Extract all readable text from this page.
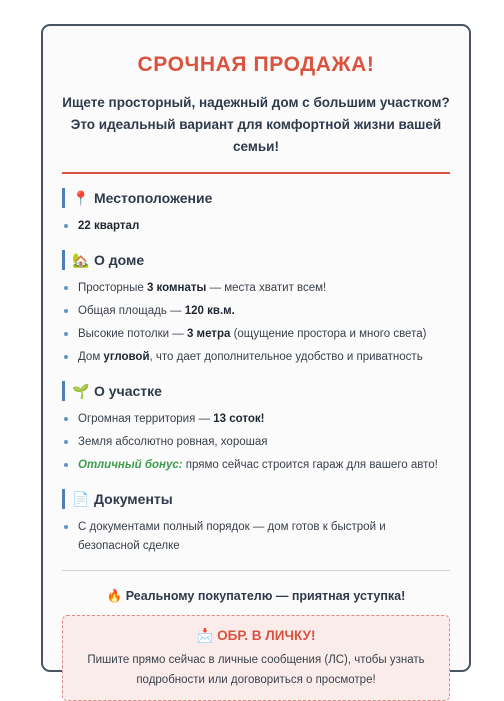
СРОЧНАЯ ПРОДАЖА!
Ищете просторный, надежный дом с большим участком? Это идеальный вариант для комфортной жизни вашей семьи!
📍 Местоположение
22 квартал
🏡 О доме
Просторные 3 комнаты — места хватит всем!
Общая площадь — 120 кв.м.
Высокие потолки — 3 метра (ощущение простора и много света)
Дом угловой, что дает дополнительное удобство и приватность
🌱 О участке
Огромная территория — 13 соток!
Земля абсолютно ровная, хорошая
Отличный бонус: прямо сейчас строится гараж для вашего авто!
📄 Документы
С документами полный порядок — дом готов к быстрой и безопасной сделке
🔥 Реальному покупателю — приятная уступка!
📩 ОБР. В ЛИЧКУ!
Пишите прямо сейчас в личные сообщения (ЛС), чтобы узнать подробности или договориться о просмотре!
